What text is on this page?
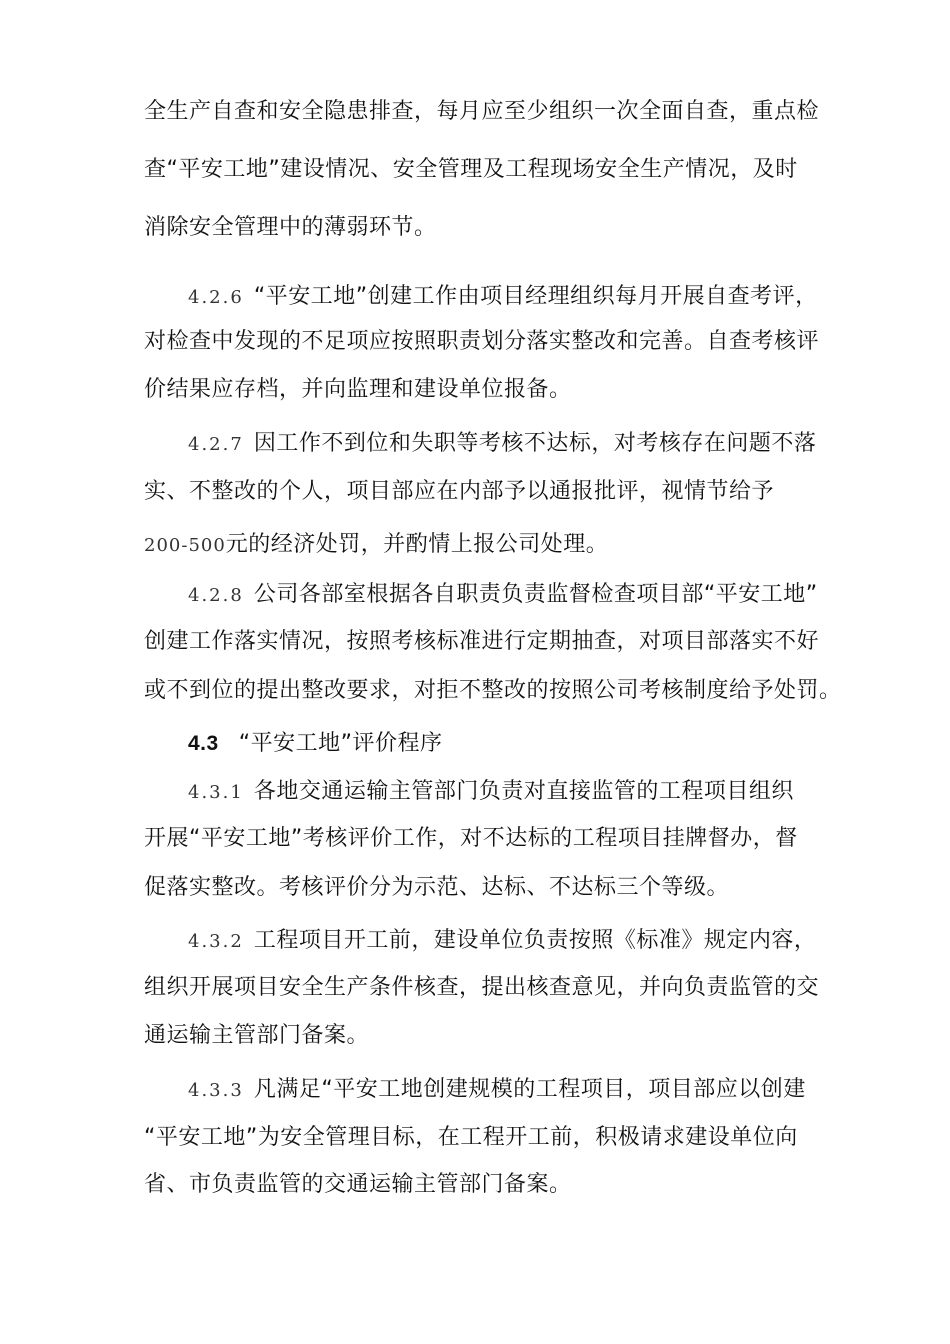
全生产自查和安全隐患排查，每月应至少组织一次全面自查，重点检
查“平安工地”建设情况、安全管理及工程现场安全生产情况，及时
消除安全管理中的薄弱环节。
4.2.6 “平安工地”创建工作由项目经理组织每月开展自查考评，
对检查中发现的不足项应按照职责划分落实整改和完善。自查考核评
价结果应存档，并向监理和建设单位报备。
4.2.7 因工作不到位和失职等考核不达标，对考核存在问题不落
实、不整改的个人，项目部应在内部予以通报批评，视情节给予
200-500元的经济处罚，并酌情上报公司处理。
4.2.8 公司各部室根据各自职责负责监督检查项目部“平安工地”
创建工作落实情况，按照考核标准进行定期抽查，对项目部落实不好
或不到位的提出整改要求，对拒不整改的按照公司考核制度给予处罚。
4.3 “平安工地”评价程序
4.3.1 各地交通运输主管部门负责对直接监管的工程项目组织
开展“平安工地”考核评价工作，对不达标的工程项目挂牌督办，督
促落实整改。考核评价分为示范、达标、不达标三个等级。
4.3.2 工程项目开工前，建设单位负责按照《标准》规定内容，
组织开展项目安全生产条件核查，提出核查意见，并向负责监管的交
通运输主管部门备案。
4.3.3 凡满足“平安工地创建规模的工程项目，项目部应以创建
“平安工地”为安全管理目标，在工程开工前，积极请求建设单位向
省、市负责监管的交通运输主管部门备案。
